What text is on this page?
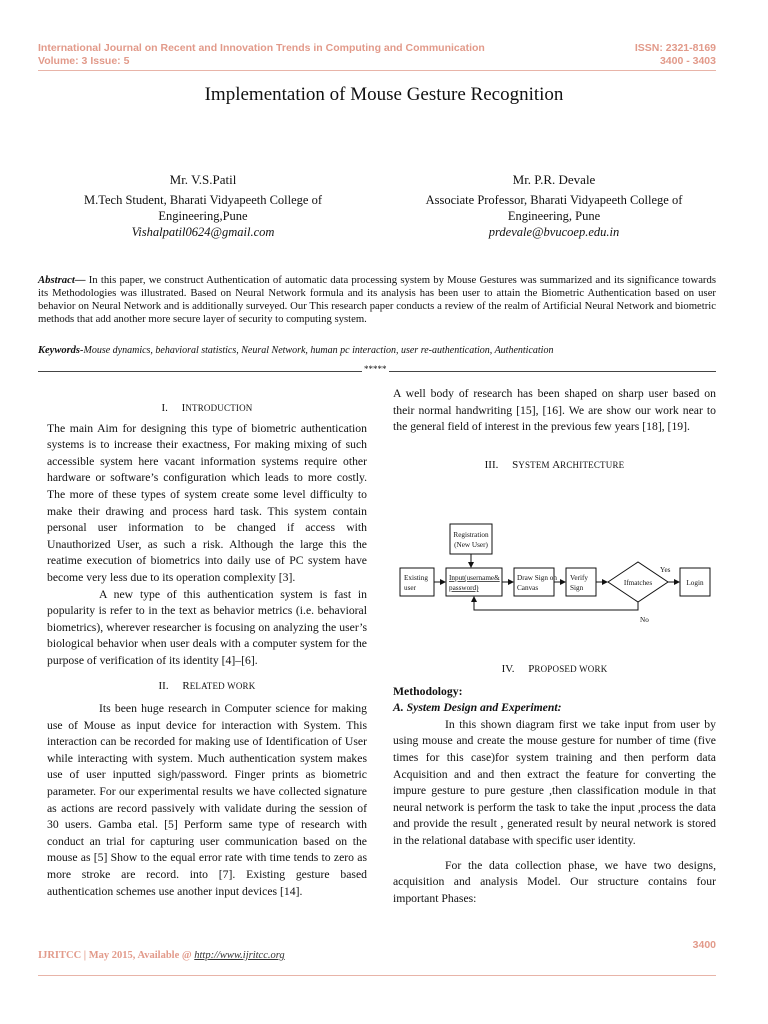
International Journal on Recent and Innovation Trends in Computing and Communication
Volume: 3 Issue: 5
ISSN: 2321-8169
3400 - 3403
Implementation of Mouse Gesture Recognition
Mr. V.S.Patil
M.Tech Student, Bharati Vidyapeeth College of
Engineering,Pune

Vishalpatil0624@gmail.com
Mr. P.R. Devale
Associate Professor, Bharati Vidyapeeth College of
Engineering, Pune

prdevale@bvucoep.edu.in
Abstract— In this paper, we construct Authentication of automatic data processing system by Mouse Gestures was summarized and its significance towards its Methodologies was illustrated. Based on Neural Network formula and its analysis has been user to attain the Biometric Authentication based on user behavior on Neural Network and is additionally surveyed. Our This research paper conducts a review of the realm of Artificial Neural Network and biometric methods that add another more secure layer of security to computing system.
Keywords-Mouse dynamics, behavioral statistics, Neural Network, human pc interaction, user re-authentication, Authentication
*****
I. INTRODUCTION

The main Aim for designing this type of biometric authentication systems is to increase their exactness, For making mixing of such accessible system here vacant information systems require other hardware or software’s configuration which leads to more costly. The more of these types of system create some level difficulty to make their drawing and process hard task. This system contain personal user information to be changed if access with Unauthorized User, as such a risk. Although the large this the reatime execution of biometrics into daily use of PC system have become very less due to its operation complexity [3].

A new type of this authentication system is fast in popularity is refer to in the text as behavior metrics (i.e. behavioral biometrics), wherever researcher is focusing on analyzing the user’s biological behavior when user deals with a computer system for the purpose of verification of its identity [4]–[6].

II. RELATED WORK

Its been huge research in Computer science for making use of Mouse as input device for interaction with System. This interaction can be recorded for making use of Identification of User while interacting with system. Much authentication system makes use of user inputted sigh/password. Finger prints as biometric parameter. For our experimental results we have collected signature as actions are record passively with validate during the session of 30 users. Gamba etal. [5] Perform same type of research with conduct an trial for capturing user communication based on the mouse as [5] Show to the equal error rate with time tends to zero as more stroke are record. into [7]. Existing gesture based authentication schemes use another input devices [14].

A well body of research has been shaped on sharp user based on their normal handwriting [15], [16]. We are show our work near to the general field of interest in the previous few years [18], [19].

III. SYSTEM ARCHITECTURE
Registration
(New User)
Existing
user
Input(username&
password)
Draw Sign on
Canvas
Verify
Sign
Ifmatches	Login
Yes
No
IV. PROPOSED WORK

Methodology:

A. System Design and Experiment:

In this shown diagram first we take input from user by using mouse and create the mouse gesture for number of time (five times for this case)for system training and then perform data Acquisition and and then extract the feature for converting the impure gesture to pure gesture ,then classification module in that neural network is perform the task to take the input ,process the data and provide the result , generated result by neural network is stored in the relational database with specific user identity.

For the data collection phase, we have two designs, acquisition and analysis Model. Our structure contains four important Phases:

3400
IJRITCC | May 2015, Available @ http://www.ijritcc.org
